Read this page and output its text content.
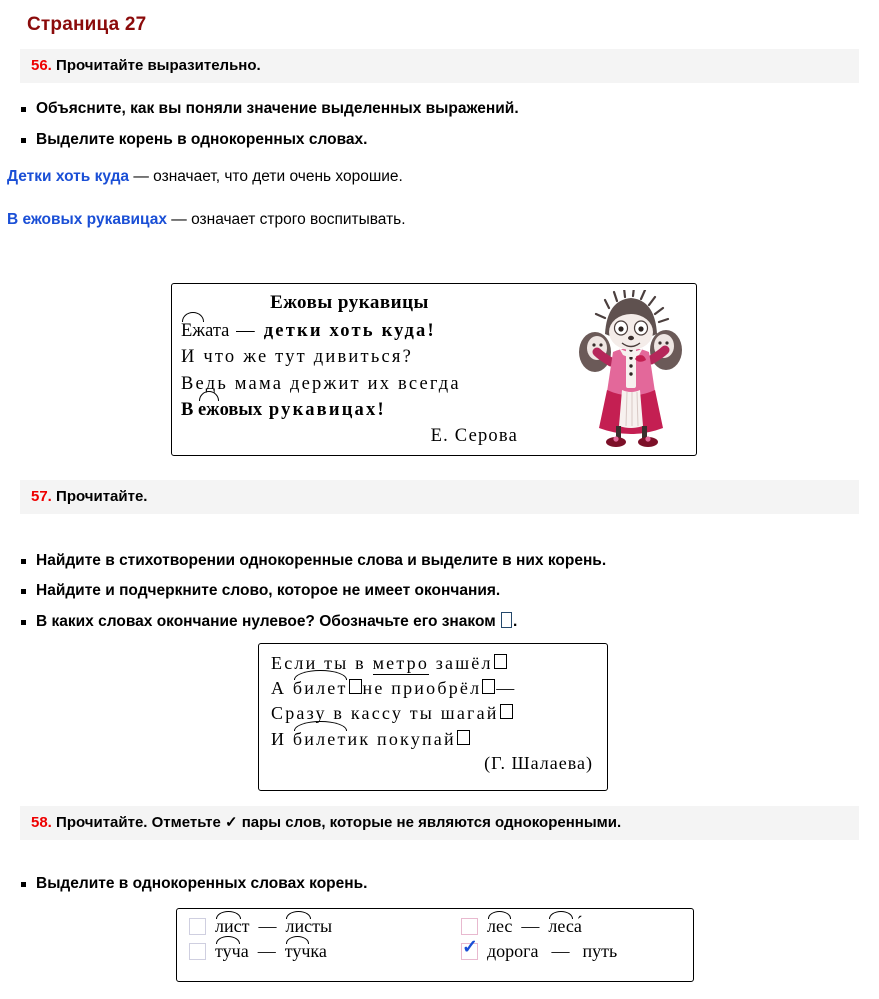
Страница 27
56. Прочитайте выразительно.
Объясните, как вы поняли значение выделенных выражений.
Выделите корень в однокоренных словах.
Детки хоть куда — означает, что дети очень хорошие.
В ежовых рукавицах — означает строго воспитывать.
Ежовы рукавицы
Ежата — детки хоть куда!
И что же тут дивиться?
Ведь мама держит их всегда
В ежовых рукавицах!
Е. Серова
57. Прочитайте.
Найдите в стихотворении однокоренные слова и выделите в них корень.
Найдите и подчеркните слово, которое не имеет окончания.
В каких словах окончание нулевое? Обозначьте его знаком .
Если ты в метро зашёл
А билет не приобрёл —
Сразу в кассу ты шагай
И билетик покупай
(Г. Шалаева)
58. Прочитайте. Отметьте ✓ пары слов, которые не являются однокоренными.
Выделите в однокоренных словах корень.
лис т — лис ты	лес — лес а́
туч а — туч ка ✓	дорога — путь
